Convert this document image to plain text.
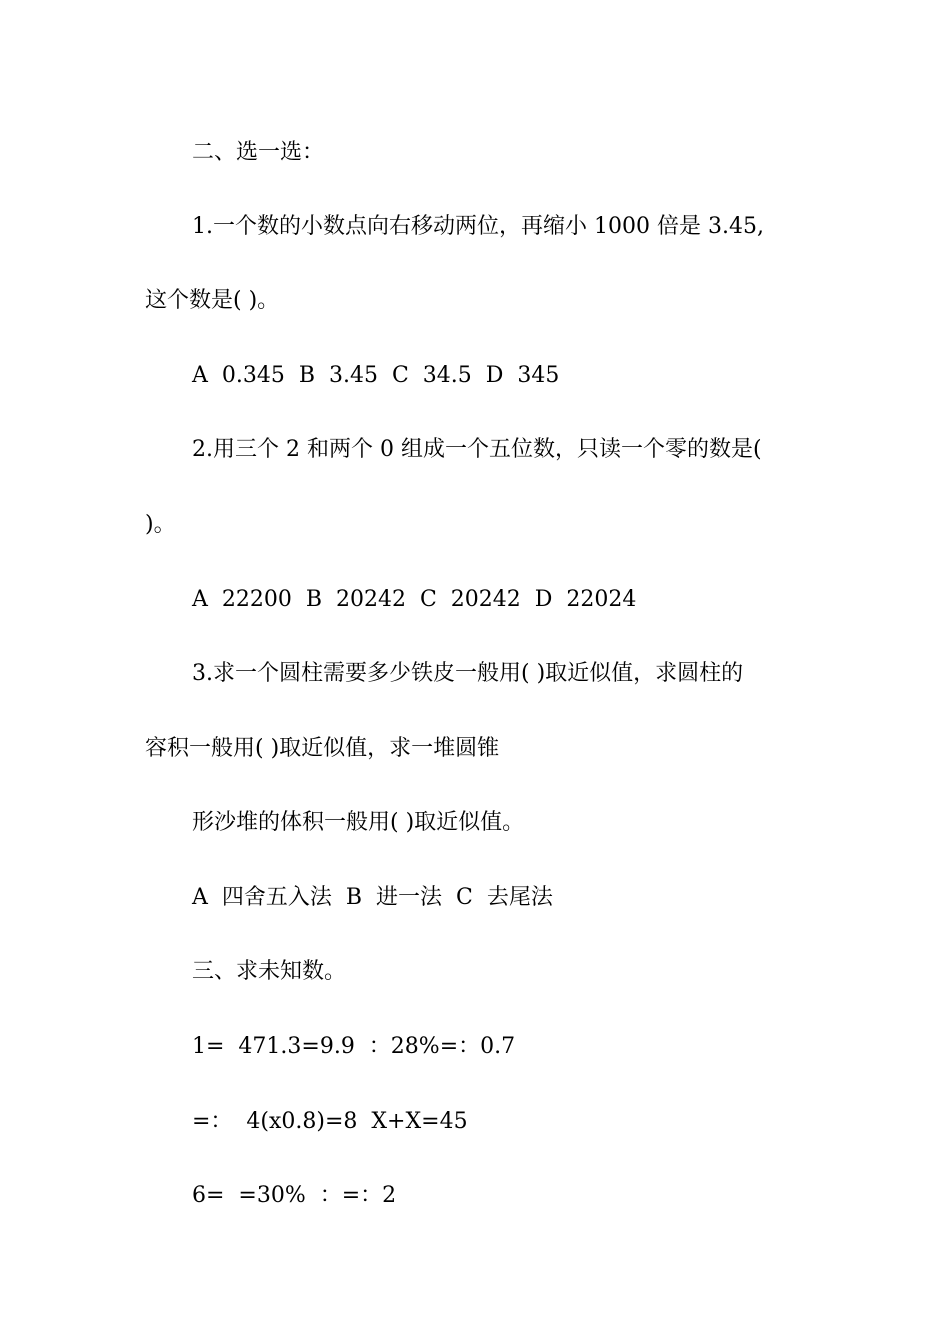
二、选一选：
1.一个数的小数点向右移动两位，再缩小 1000 倍是 3.45,
这个数是( )。
A  0.345  B  3.45  C  34.5  D  345
2.用三个 2 和两个 0 组成一个五位数，只读一个零的数是(
)。
A  22200  B  20242  C  20242  D  22024
3.求一个圆柱需要多少铁皮一般用( )取近似值，求圆柱的
容积一般用( )取近似值，求一堆圆锥
形沙堆的体积一般用( )取近似值。
A  四舍五入法  B  进一法  C  去尾法
三、求未知数。
1=  471.3=9.9  ：28%=：0.7
=：  4(x0.8)=8  X+X=45
6=  =30%  ：=：2
